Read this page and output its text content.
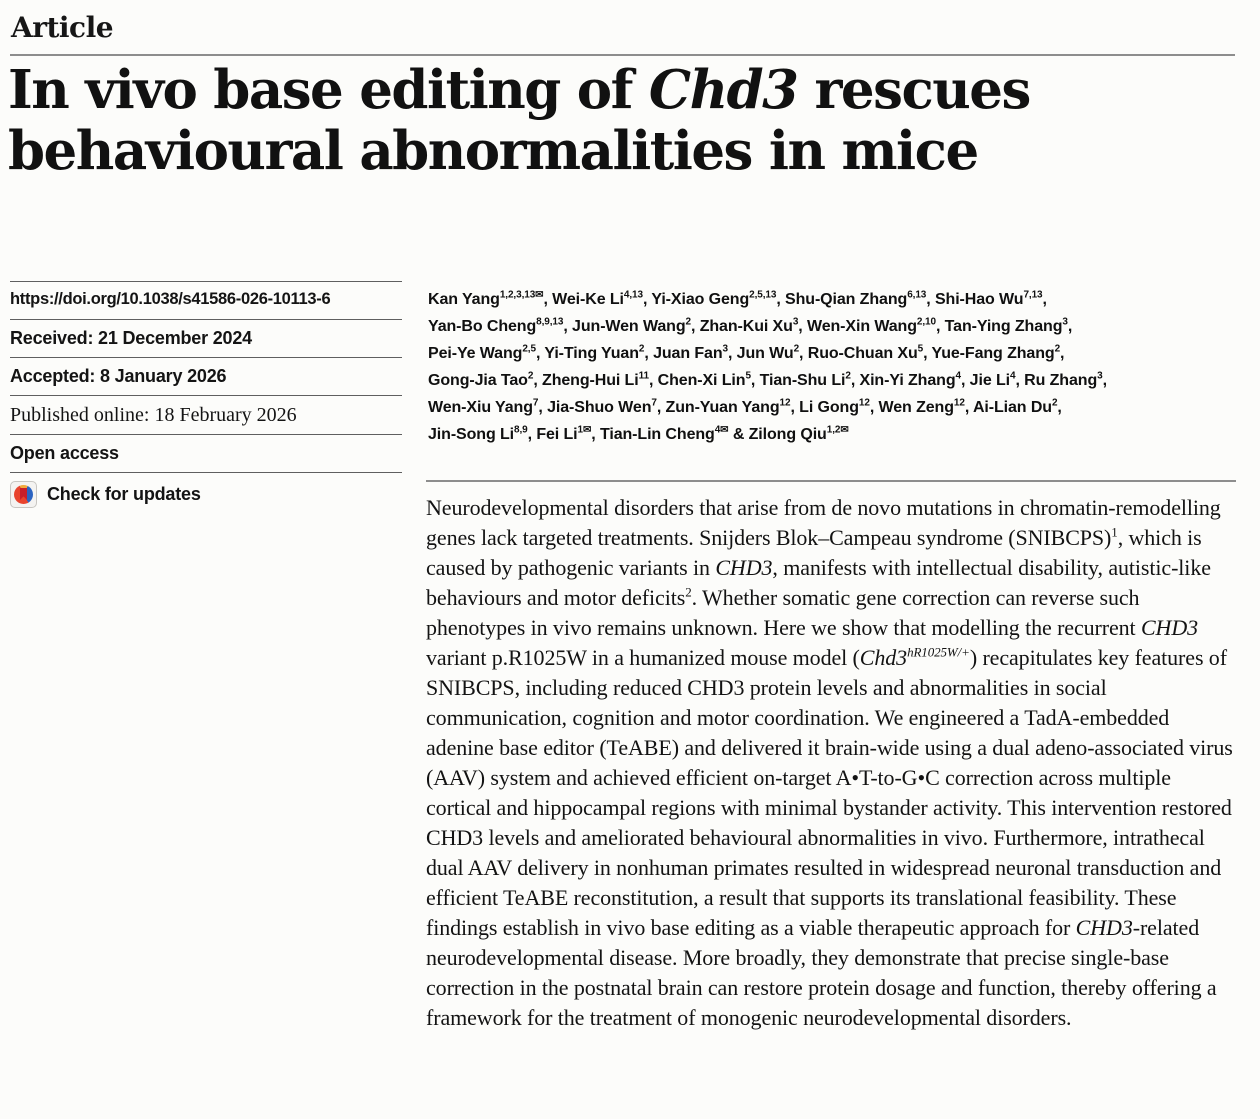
Article
In vivo base editing of Chd3 rescues
behavioural abnormalities in mice
https://doi.org/10.1038/s41586-026-10113-6
Received: 21 December 2024
Accepted: 8 January 2026
Published online: 18 February 2026
Open access
Check for updates
Kan Yang$^{1,2,3,13✉}$, Wei-Ke Li$^{4,13}$, Yi-Xiao Geng$^{2,5,13}$, Shu-Qian Zhang$^{6,13}$, Shi-Hao Wu$^{7,13}$,
Yan-Bo Cheng$^{8,9,13}$, Jun-Wen Wang$^2$, Zhan-Kui Xu$^3$, Wen-Xin Wang$^{2,10}$, Tan-Ying Zhang$^3$,
Pei-Ye Wang$^{2,5}$, Yi-Ting Yuan$^2$, Juan Fan$^3$, Jun Wu$^2$, Ruo-Chuan Xu$^5$, Yue-Fang Zhang$^2$,
Gong-Jia Tao$^2$, Zheng-Hui Li$^{11}$, Chen-Xi Lin$^5$, Tian-Shu Li$^2$, Xin-Yi Zhang$^4$, Jie Li$^4$, Ru Zhang$^3$,
Wen-Xiu Yang$^7$, Jia-Shuo Wen$^7$, Zun-Yuan Yang$^{12}$, Li Gong$^{12}$, Wen Zeng$^{12}$, Ai-Lian Du$^2$,
Jin-Song Li$^{8,9}$, Fei $Li^{1✉}$, Tian-Lin Cheng$^{4✉}$ & Zilong Qiu$^{1,2✉}$
Neurodevelopmental disorders that arise from de novo mutations in chromatin-remodelling genes lack targeted treatments. Snijders Blok–Campeau syndrome (SNIBCPS)$^1$, which is caused by pathogenic variants in CHD3, manifests with intellectual disability, autistic-like behaviours and motor deficits$^2$. Whether somatic gene correction can reverse such phenotypes in vivo remains unknown. Here we show that modelling the recurrent CHD3 variant p.R1025W in a humanized mouse model $(Chd3^{hR1025W/+})$ recapitulates key features of SNIBCPS, including reduced CHD3 protein levels and abnormalities in social communication, cognition and motor coordination. We engineered a TadA-embedded adenine base editor (TeABE) and delivered it brain-wide using a dual adeno-associated virus (AAV) system and achieved efficient on-target A•T-to-G•C correction across multiple cortical and hippocampal regions with minimal bystander activity. This intervention restored CHD3 levels and ameliorated behavioural abnormalities in vivo. Furthermore, intrathecal dual AAV delivery in nonhuman primates resulted in widespread neuronal transduction and efficient TeABE reconstitution, a result that supports its translational feasibility. These findings establish in vivo base editing as a viable therapeutic approach for CHD3-related neurodevelopmental disease. More broadly, they demonstrate that precise single-base correction in the postnatal brain can restore protein dosage and function, thereby offering a framework for the treatment of monogenic neurodevelopmental disorders.
